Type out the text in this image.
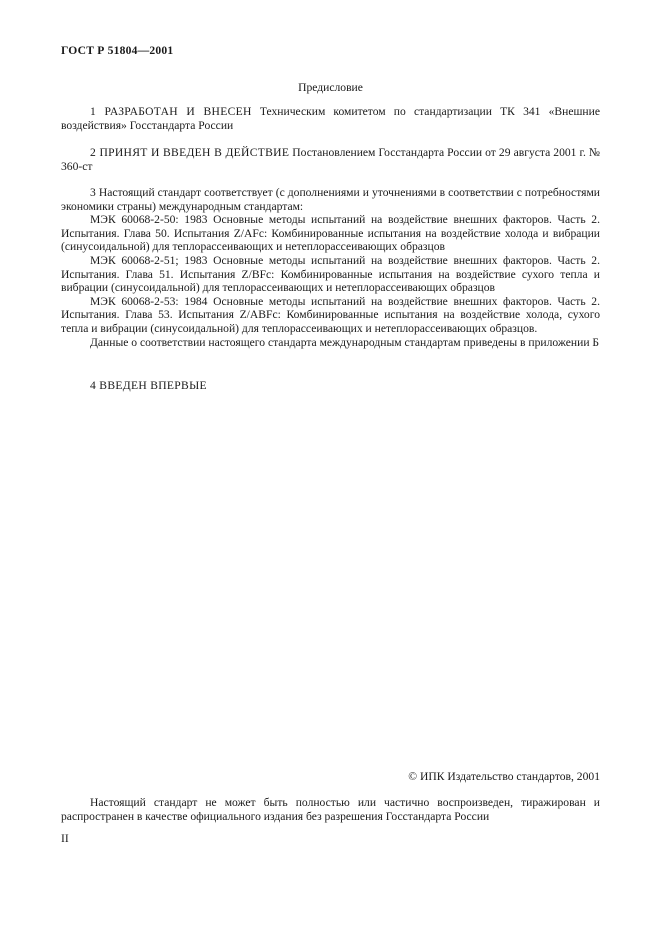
ГОСТ Р 51804—2001
Предисловие

1 РАЗРАБОТАН И ВНЕСЕН Техническим комитетом по стандартизации ТК 341 «Внешние воздействия» Госстандарта России

2 ПРИНЯТ И ВВЕДЕН В ДЕЙСТВИЕ Постановлением Госстандарта России от 29 августа 2001 г. № 360-ст

3 Настоящий стандарт соответствует (с дополнениями и уточнениями в соответствии с потребностями экономики страны) международным стандартам:

МЭК 60068-2-50: 1983 Основные методы испытаний на воздействие внешних факторов. Часть 2. Испытания. Глава 50. Испытания Z/AFc: Комбинированные испытания на воздействие холода и вибрации (синусоидальной) для теплорассеивающих и нетеплорассеивающих образцов

МЭК 60068-2-51; 1983 Основные методы испытаний на воздействие внешних факторов. Часть 2. Испытания. Глава 51. Испытания Z/BFc: Комбинированные испытания на воздействие сухого тепла и вибрации (синусоидальной) для теплорассеивающих и нетеплорассеивающих образцов

МЭК 60068-2-53: 1984 Основные методы испытаний на воздействие внешних факторов. Часть 2. Испытания. Глава 53. Испытания Z/ABFc: Комбинированные испытания на воздействие холода, сухого тепла и вибрации (синусоидальной) для теплорассеивающих и нетеплорассеивающих образцов.

Данные о соответствии настоящего стандарта международным стандартам приведены в приложении Б

4 ВВЕДЕН ВПЕРВЫЕ

© ИПК Издательство стандартов, 2001

Настоящий стандарт не может быть полностью или частично воспроизведен, тиражирован и распространен в качестве официального издания без разрешения Госстандарта России

II
